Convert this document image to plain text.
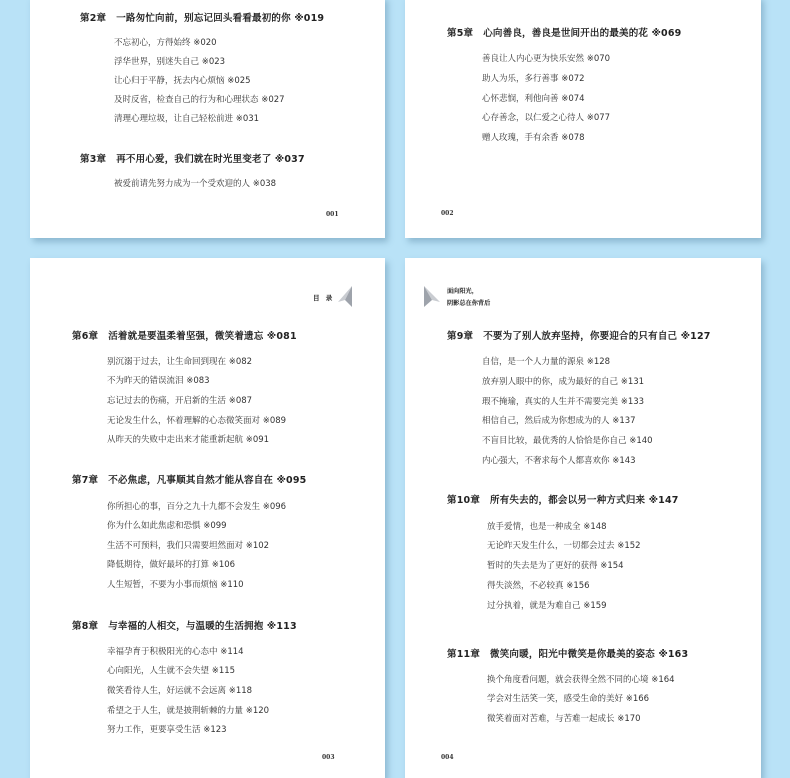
第2章 一路匆忙向前，别忘记回头看看最初的你 ※019
不忘初心，方得始终 ※020
浮华世界，别迷失自己 ※023
让心归于平静，抚去内心烦恼 ※025
及时反省，检查自己的行为和心理状态 ※027
清理心理垃圾，让自己轻松前进 ※031
第3章 再不用心爱，我们就在时光里变老了 ※037
被爱前请先努力成为一个受欢迎的人 ※038
001
第5章 心向善良，善良是世间开出的最美的花 ※069
善良让人内心更为快乐安然 ※070
助人为乐，多行善事 ※072
心怀悲悯，利他向善 ※074
心存善念，以仁爱之心待人 ※077
赠人玫瑰，手有余香 ※078
002
目 录
第6章 活着就是要温柔着坚强，微笑着遗忘 ※081
别沉溺于过去，让生命回到现在 ※082
不为昨天的错误流泪 ※083
忘记过去的伤痛，开启新的生活 ※087
无论发生什么，怀着理解的心态微笑面对 ※089
从昨天的失败中走出来才能重新起航 ※091
第7章 不必焦虑，凡事顺其自然才能从容自在 ※095
你所担心的事，百分之九十九都不会发生 ※096
你为什么如此焦虑和恐惧 ※099
生活不可预料，我们只需要坦然面对 ※102
降低期待，做好最坏的打算 ※106
人生短暂，不要为小事而烦恼 ※110
第8章 与幸福的人相交，与温暖的生活拥抱 ※113
幸福孕育于积极阳光的心态中 ※114
心向阳光，人生就不会失望 ※115
微笑看待人生，好运就不会远离 ※118
希望之于人生，就是披荆斩棘的力量 ※120
努力工作，更要享受生活 ※123
003
面向阳光，
阴影总在你背后
第9章 不要为了别人放弃坚持，你要迎合的只有自己 ※127
自信，是一个人力量的源泉 ※128
放弃别人眼中的你，成为最好的自己 ※131
瑕不掩瑜，真实的人生并不需要完美 ※133
相信自己，然后成为你想成为的人 ※137
不盲目比较，最优秀的人恰恰是你自己 ※140
内心强大，不奢求每个人都喜欢你 ※143
第10章 所有失去的，都会以另一种方式归来 ※147
放手爱情，也是一种成全 ※148
无论昨天发生什么，一切都会过去 ※152
暂时的失去是为了更好的获得 ※154
得失淡然，不必较真 ※156
过分执着，就是为难自己 ※159
第11章 微笑向暖，阳光中微笑是你最美的姿态 ※163
换个角度看问题，就会获得全然不同的心境 ※164
学会对生活笑一笑，感受生命的美好 ※166
微笑着面对苦难，与苦难一起成长 ※170
004
